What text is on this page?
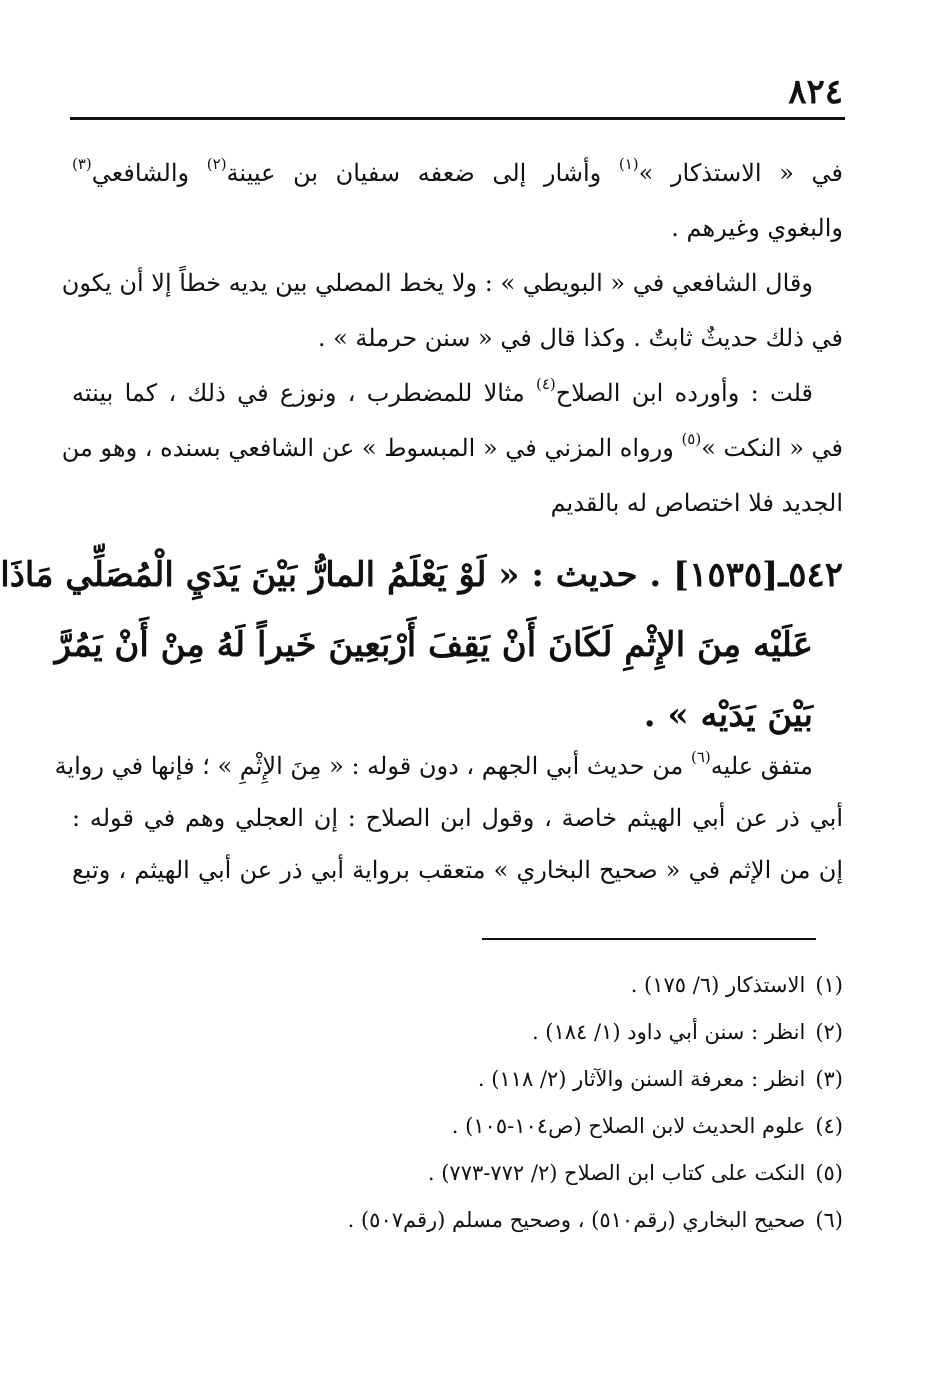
٨٢٤
في « الاستذكار »$^{(١)}$ وأشار إلى ضعفه سفيان بن عيينة$^{(٢)}$ والشافعي$^{(٣)}$
والبغوي وغيرهم .
وقال الشافعي في « البويطي » : ولا يخط المصلي بين يديه خطاً إلا أن يكون
في ذلك حديثٌ ثابتٌ . وكذا قال في « سنن حرملة » .
قلت : وأورده ابن الصلاح$^{(٤)}$ مثالا للمضطرب ، ونوزع في ذلك ، كما بينته
في « النكت »$^{(٥)}$ ورواه المزني في « المبسوط » عن الشافعي بسنده ، وهو من
الجديد فلا اختصاص له بالقديم
٥٤٢ـ[١٥٣٥] . حديث : « لَوْ يَعْلَمُ المارُّ بَيْنَ يَدَيِ الْمُصَلِّي مَاذَا
عَلَيْه مِنَ الإِثْمِ لَكَانَ أَنْ يَقِفَ أَرْبَعِينَ خَيراً لَهُ مِنْ أَنْ يَمُرَّ
بَيْنَ يَدَيْه » .
متفق عليه$^{(٦)}$ من حديث أبي الجهم ، دون قوله : « مِنَ الإِثْمِ » ؛ فإنها في رواية
أبي ذر عن أبي الهيثم خاصة ، وقول ابن الصلاح : إن العجلي وهم في قوله :
إن من الإثم في « صحيح البخاري » متعقب برواية أبي ذر عن أبي الهيثم ، وتبع
(١)الاستذكار (٦/ ١٧٥) .
(٢)انظر : سنن أبي داود (١/ ١٨٤) .
(٣)انظر : معرفة السنن والآثار (٢/ ١١٨) .
(٤)علوم الحديث لابن الصلاح (ص١٠٤-١٠٥) .
(٥)النكت على كتاب ابن الصلاح (٢/ ٧٧٢-٧٧٣) .
(٦)صحيح البخاري (رقم٥١٠) ، وصحيح مسلم (رقم٥٠٧) .
